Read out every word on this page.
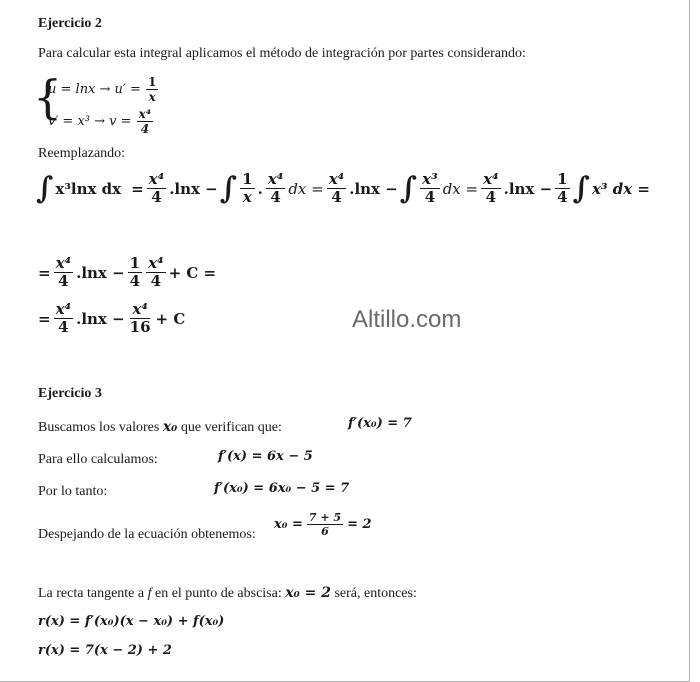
Ejercicio 2
Para calcular esta integral aplicamos el método de integración por partes considerando:
{
$u = \ln x \to u' = \frac{1}{x}$
$v' = x^3 \to v = \frac{\text{x⁴}}{4}$
Reemplazando:
∫ x³lnx dx = $\frac{\text{x⁴}}{4} .\ln x$ − ∫ $\frac{1}{x}$ . $\frac{\text{x⁴}}{4}$ dx = $\frac{\text{x⁴}}{4} .\ln x$ − ∫ $\frac{\text{x³}}{4}$ dx = $\frac{\text{x⁴}}{4} .\ln x - \frac{1}{4}$ ∫ x³ dx =
= $\frac{\text{x⁴}}{4} .\ln x - \frac{1}{4} \frac{\text{x⁴}}{4} + C$ =
= $\frac{\text{x⁴}}{4} .\ln x - \frac{\text{x⁴}}{16} + C$	Altillo.com
Ejercicio 3
Buscamos los valores x₀ que verifican que:	f′(x₀) = 7
Para ello calculamos:	f′(x) = 6x − 5
Por lo tanto:	f′(x₀) = 6x₀ − 5 = 7
Despejando de la ecuación obtenemos:
$x_0 = \frac{7 + 5}{6} = 2$
La recta tangente a f en el punto de abscisa: x₀ = 2 será, entonces:
r(x) = f′(x₀)(x − x₀) + f(x₀)
r(x) = 7(x − 2) + 2
